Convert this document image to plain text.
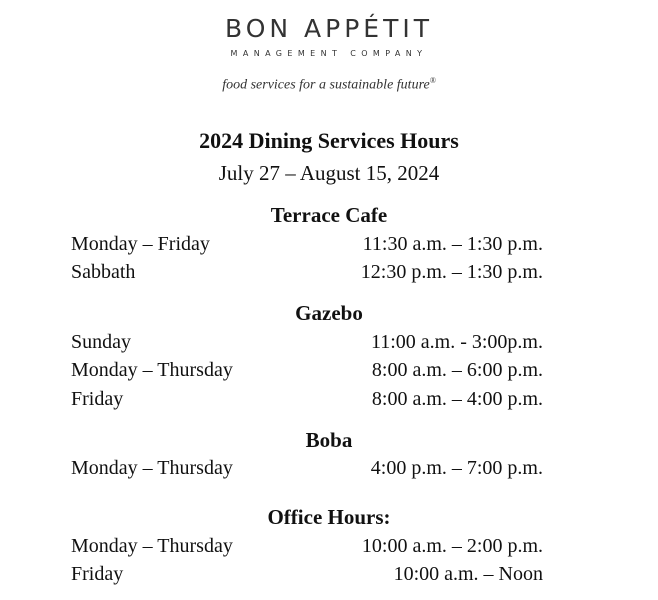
BON APPÉTIT
MANAGEMENT COMPANY
food services for a sustainable future®
2024 Dining Services Hours
July 27 – August 15, 2024
Terrace Cafe
Monday – Friday	11:30 a.m. – 1:30 p.m.
Sabbath	12:30 p.m. – 1:30 p.m.
Gazebo
Sunday	11:00 a.m. - 3:00p.m.
Monday – Thursday	8:00 a.m. – 6:00 p.m.
Friday	8:00 a.m. – 4:00 p.m.
Boba
Monday – Thursday	4:00 p.m. – 7:00 p.m.
Office Hours:
Monday – Thursday	10:00 a.m. – 2:00 p.m.
Friday	10:00 a.m. – Noon
